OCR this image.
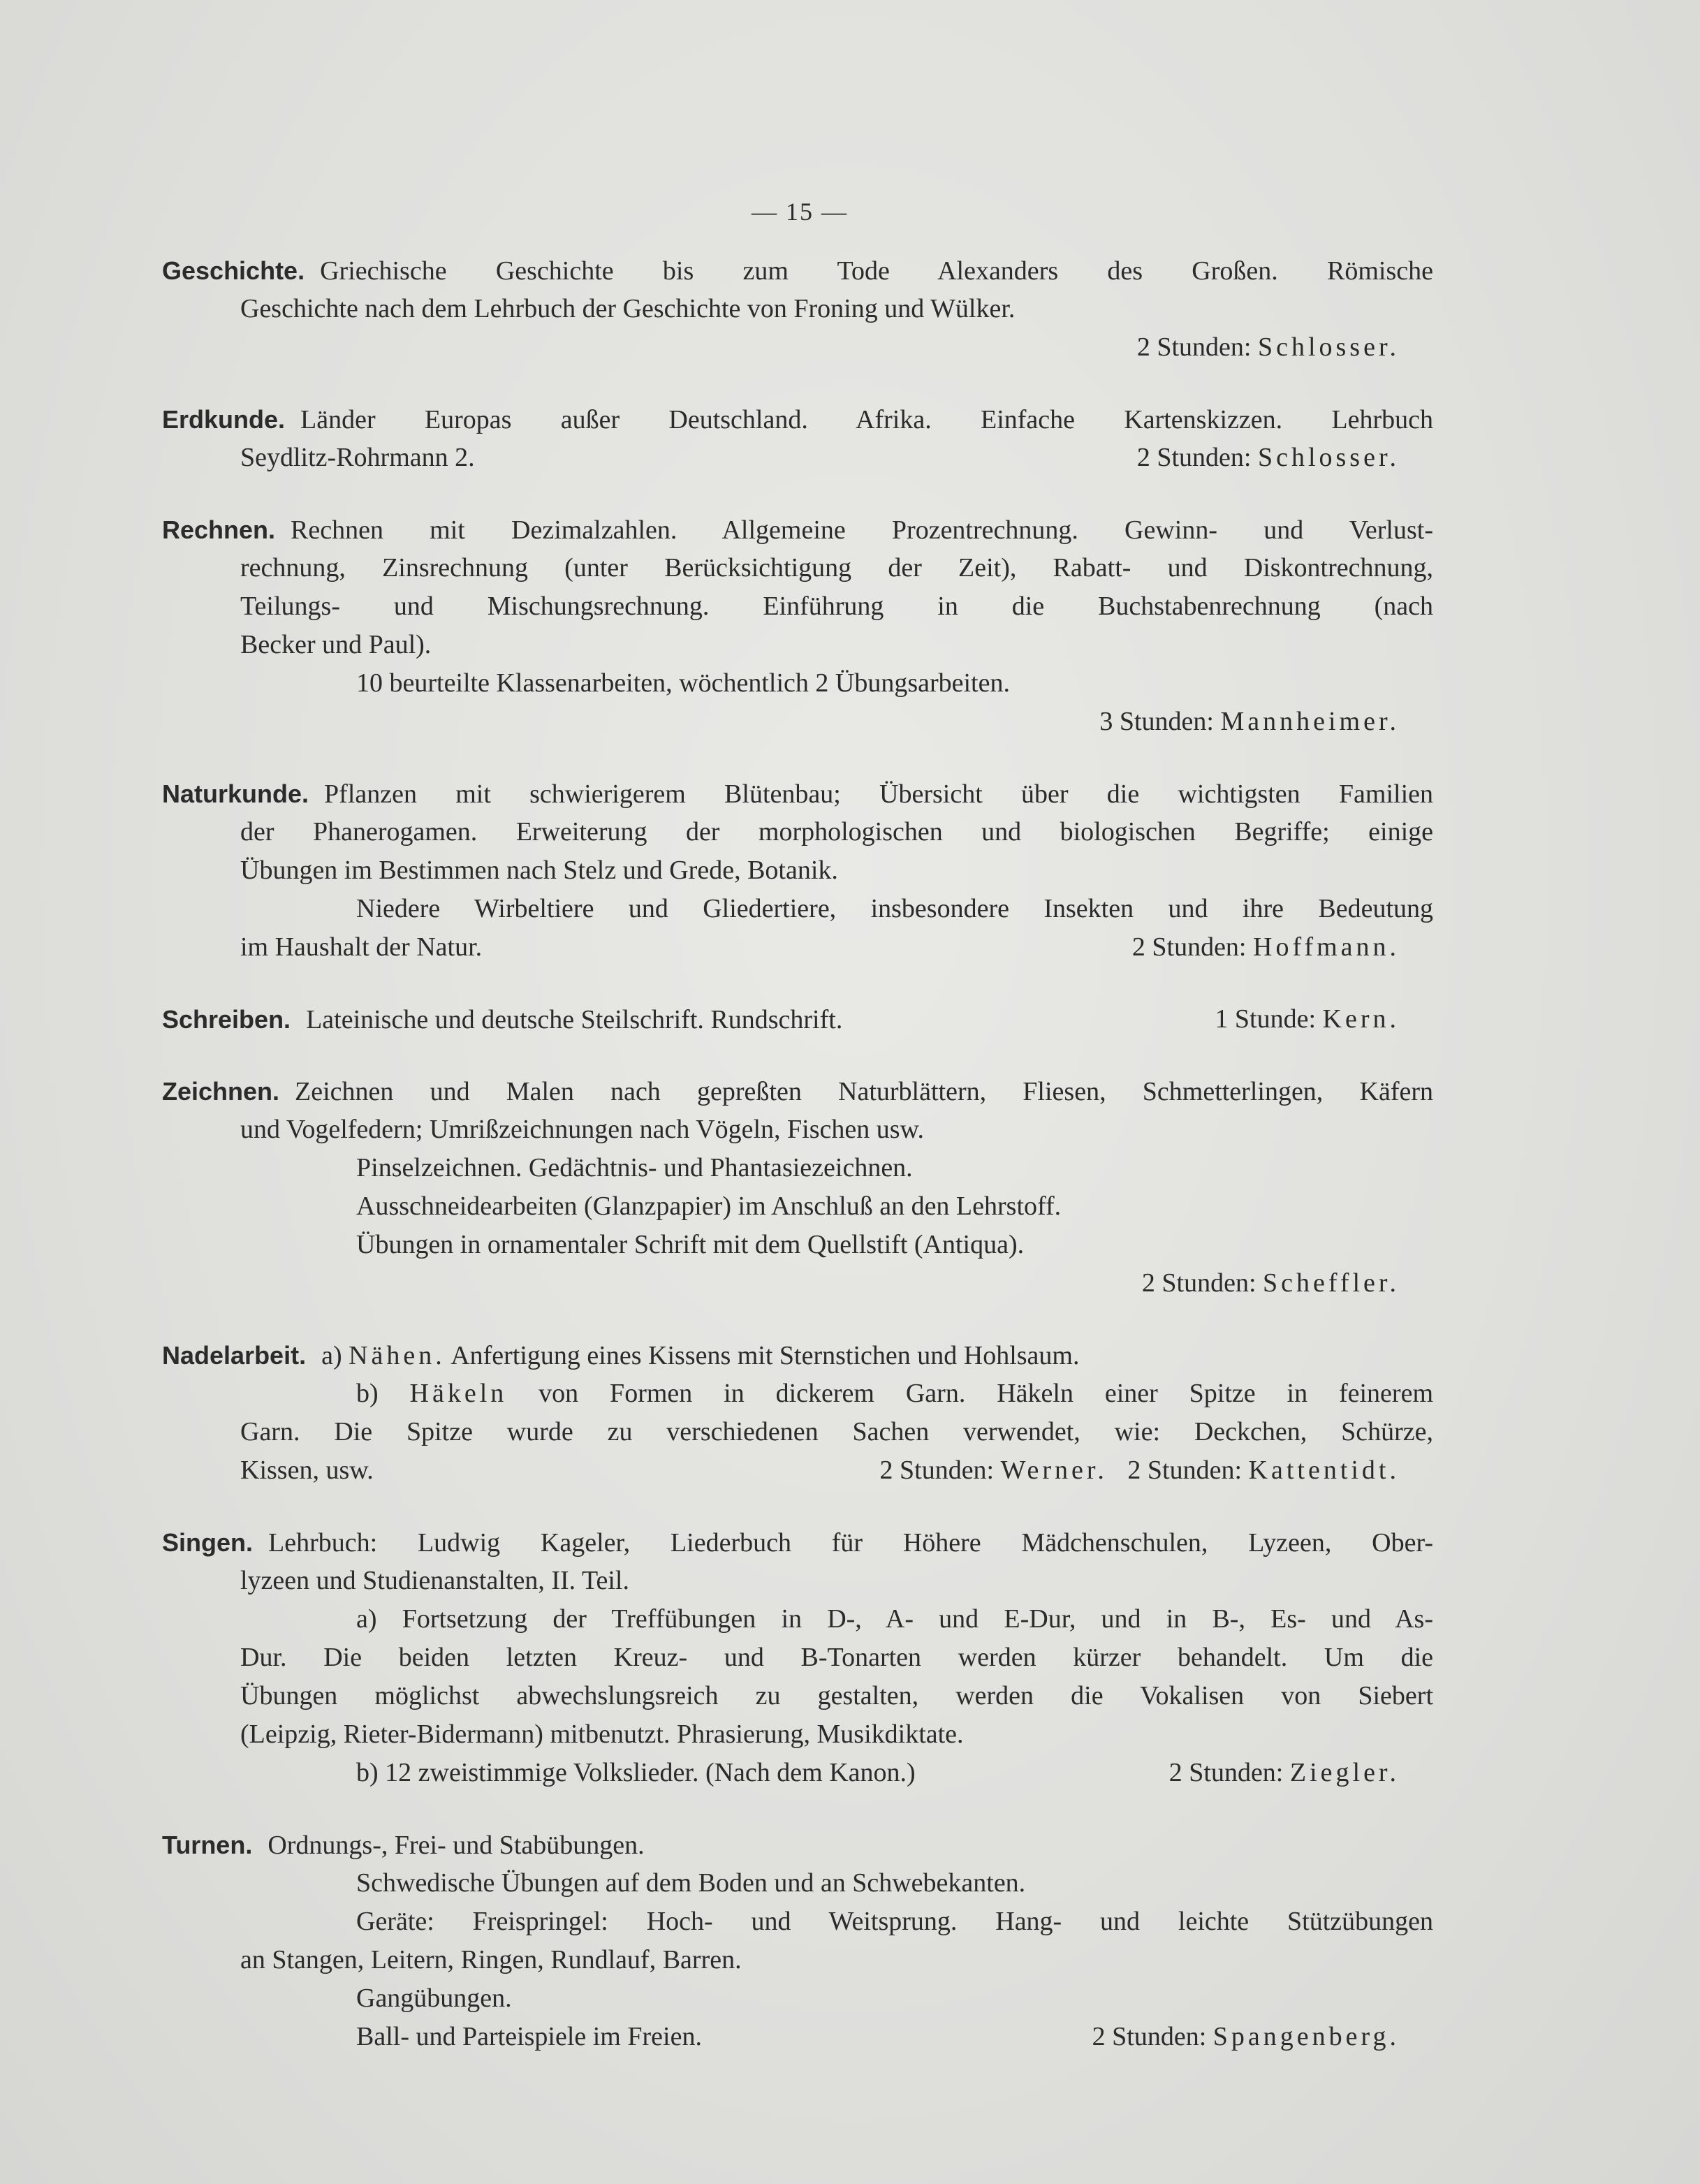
— 15 —
Geschichte. Griechische Geschichte bis zum Tode Alexanders des Großen. Römische
Geschichte nach dem Lehrbuch der Geschichte von Froning und Wülker.
2 Stunden: Schlosser.
Erdkunde. Länder Europas außer Deutschland. Afrika. Einfache Kartenskizzen. Lehrbuch
Seydlitz-Rohrmann 2.	2 Stunden: Schlosser.
Rechnen. Rechnen mit Dezimalzahlen. Allgemeine Prozentrechnung. Gewinn- und Verlust-
rechnung, Zinsrechnung (unter Berücksichtigung der Zeit), Rabatt- und Diskontrechnung,
Teilungs- und Mischungsrechnung. Einführung in die Buchstabenrechnung (nach
Becker und Paul).
10 beurteilte Klassenarbeiten, wöchentlich 2 Übungsarbeiten.
3 Stunden: Mannheimer.
Naturkunde. Pflanzen mit schwierigerem Blütenbau; Übersicht über die wichtigsten Familien
der Phanerogamen. Erweiterung der morphologischen und biologischen Begriffe; einige
Übungen im Bestimmen nach Stelz und Grede, Botanik.
Niedere Wirbeltiere und Gliedertiere, insbesondere Insekten und ihre Bedeutung
im Haushalt der Natur.	2 Stunden: Hoffmann.
Schreiben. Lateinische und deutsche Steilschrift. Rundschrift.	1 Stunde: Kern.
Zeichnen. Zeichnen und Malen nach gepreßten Naturblättern, Fliesen, Schmetterlingen, Käfern
und Vogelfedern; Umrißzeichnungen nach Vögeln, Fischen usw.
Pinselzeichnen. Gedächtnis- und Phantasiezeichnen.
Ausschneidearbeiten (Glanzpapier) im Anschluß an den Lehrstoff.
Übungen in ornamentaler Schrift mit dem Quellstift (Antiqua).
2 Stunden: Scheffler.
Nadelarbeit. a) Nähen. Anfertigung eines Kissens mit Sternstichen und Hohlsaum.
b) Häkeln von Formen in dickerem Garn. Häkeln einer Spitze in feinerem
Garn. Die Spitze wurde zu verschiedenen Sachen verwendet, wie: Deckchen, Schürze,
Kissen, usw.	2 Stunden: Werner. 2 Stunden: Kattentidt.
Singen. Lehrbuch: Ludwig Kageler, Liederbuch für Höhere Mädchenschulen, Lyzeen, Ober-
lyzeen und Studienanstalten, II. Teil.
a) Fortsetzung der Treffübungen in D-, A- und E-Dur, und in B-, Es- und As-
Dur. Die beiden letzten Kreuz- und B-Tonarten werden kürzer behandelt. Um die
Übungen möglichst abwechslungsreich zu gestalten, werden die Vokalisen von Siebert
(Leipzig, Rieter-Bidermann) mitbenutzt. Phrasierung, Musikdiktate.
b) 12 zweistimmige Volkslieder. (Nach dem Kanon.)	2 Stunden: Ziegler.
Turnen. Ordnungs-, Frei- und Stabübungen.
Schwedische Übungen auf dem Boden und an Schwebekanten.
Geräte: Freispringel: Hoch- und Weitsprung. Hang- und leichte Stützübungen
an Stangen, Leitern, Ringen, Rundlauf, Barren.
Gangübungen.
Ball- und Parteispiele im Freien.	2 Stunden: Spangenberg.
